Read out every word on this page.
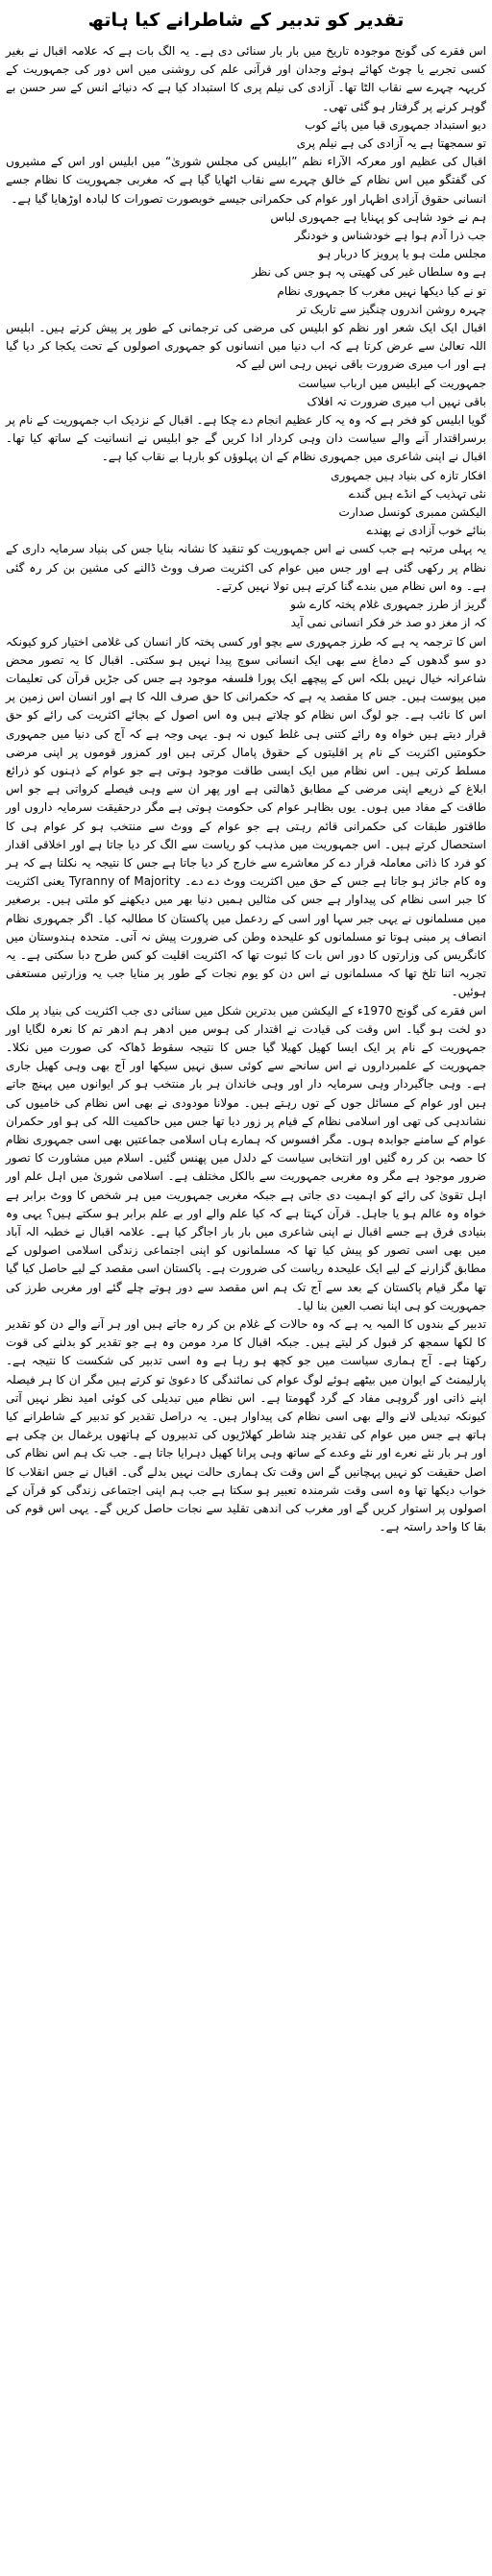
تقدیر کو تدبیر کے شاطرانے کیا ہاتھ

اس فقرے کی گونج موجودہ تاریخ میں بار بار سنائی دی ہے۔ یہ الگ بات ہے کہ علامہ اقبال نے بغیر کسی تجربے یا چوٹ کھائے ہوئے وجدان اور قرآنی علم کی روشنی میں اس دور کی جمہوریت کے کریہہ چہرے سے نقاب الٹا تھا۔ آزادی کی نیلم پری کا استبداد کیا ہے کہ دنیائے انس کے سر حسن بے گوہر کرنے پر گرفتار ہو گئی تھی۔

دیو استبداد جمہوری قبا میں پائے کوب

تو سمجھتا ہے یہ آزادی کی ہے نیلم پری

اقبال کی عظیم اور معرکہ الآراء نظم ”ابلیس کی مجلس شوریٰ“ میں ابلیس اور اس کے مشیروں کی گفتگو میں اس نظام کے خالق چہرے سے نقاب اٹھایا گیا ہے کہ مغربی جمہوریت کا نظام جسے انسانی حقوق آزادی اظہار اور عوام کی حکمرانی جیسے خوبصورت تصورات کا لبادہ اوڑھایا گیا ہے۔

ہم نے خود شاہی کو پہنایا ہے جمہوری لباس

جب ذرا آدم ہوا ہے خودشناس و خودنگر

مجلس ملت ہو یا پرویز کا دربار ہو

ہے وہ سلطاں غیر کی کھیتی پہ ہو جس کی نظر

تو نے کیا دیکھا نہیں مغرب کا جمہوری نظام

چہرہ روشن اندروں چنگیز سے تاریک تر

اقبال ایک ایک شعر اور نظم کو ابلیس کی مرضی کی ترجمانی کے طور پر پیش کرتے ہیں۔ ابلیس اللہ تعالیٰ سے عرض کرتا ہے کہ اب دنیا میں انسانوں کو جمہوری اصولوں کے تحت یکجا کر دیا گیا ہے اور اب میری ضرورت باقی نہیں رہی اس لیے کہ

جمہوریت کے ابلیس میں ارباب سیاست

باقی نہیں اب میری ضرورت تہ افلاک

گویا ابلیس کو فخر ہے کہ وہ یہ کار عظیم انجام دے چکا ہے۔ اقبال کے نزدیک اب جمہوریت کے نام پر برسراقتدار آنے والے سیاست دان وہی کردار ادا کریں گے جو ابلیس نے انسانیت کے ساتھ کیا تھا۔ اقبال نے اپنی شاعری میں جمہوری نظام کے ان پہلوؤں کو بارہا بے نقاب کیا ہے۔

افکار تازہ کی بنیاد ہیں جمہوری

نئی تہذیب کے انڈے ہیں گندے

الیکشن ممبری کونسل صدارت

بنائے خوب آزادی نے پھندے

یہ پہلی مرتبہ ہے جب کسی نے اس جمہوریت کو تنقید کا نشانہ بنایا جس کی بنیاد سرمایہ داری کے نظام پر رکھی گئی ہے اور جس میں عوام کی اکثریت صرف ووٹ ڈالنے کی مشین بن کر رہ گئی ہے۔ وہ اس نظام میں بندے گنا کرتے ہیں تولا نہیں کرتے۔

گریز از طرز جمہوری غلام پختہ کارے شو

کہ از مغز دو صد خر فکر انسانی نمی آید

اس کا ترجمہ یہ ہے کہ طرز جمہوری سے بچو اور کسی پختہ کار انسان کی غلامی اختیار کرو کیونکہ دو سو گدھوں کے دماغ سے بھی ایک انسانی سوچ پیدا نہیں ہو سکتی۔ اقبال کا یہ تصور محض شاعرانہ خیال نہیں بلکہ اس کے پیچھے ایک پورا فلسفہ موجود ہے جس کی جڑیں قرآن کی تعلیمات میں پیوست ہیں۔ جس کا مقصد یہ ہے کہ حکمرانی کا حق صرف اللہ کا ہے اور انسان اس زمین پر اس کا نائب ہے۔ جو لوگ اس نظام کو چلاتے ہیں وہ اس اصول کے بجائے اکثریت کی رائے کو حق قرار دیتے ہیں خواہ وہ رائے کتنی ہی غلط کیوں نہ ہو۔ یہی وجہ ہے کہ آج کی دنیا میں جمہوری حکومتیں اکثریت کے نام پر اقلیتوں کے حقوق پامال کرتی ہیں اور کمزور قوموں پر اپنی مرضی مسلط کرتی ہیں۔ اس نظام میں ایک ایسی طاقت موجود ہوتی ہے جو عوام کے ذہنوں کو ذرائع ابلاغ کے ذریعے اپنی مرضی کے مطابق ڈھالتی ہے اور پھر ان سے وہی فیصلے کرواتی ہے جو اس طاقت کے مفاد میں ہوں۔ یوں بظاہر عوام کی حکومت ہوتی ہے مگر درحقیقت سرمایہ داروں اور طاقتور طبقات کی حکمرانی قائم رہتی ہے جو عوام کے ووٹ سے منتخب ہو کر عوام ہی کا استحصال کرتے ہیں۔ اس جمہوریت میں مذہب کو ریاست سے الگ کر دیا جاتا ہے اور اخلاقی اقدار کو فرد کا ذاتی معاملہ قرار دے کر معاشرے سے خارج کر دیا جاتا ہے جس کا نتیجہ یہ نکلتا ہے کہ ہر وہ کام جائز ہو جاتا ہے جس کے حق میں اکثریت ووٹ دے دے۔ Tyranny of Majority یعنی اکثریت کا جبر اسی نظام کی پیداوار ہے جس کی مثالیں ہمیں دنیا بھر میں دیکھنے کو ملتی ہیں۔ برصغیر میں مسلمانوں نے یہی جبر سہا اور اسی کے ردعمل میں پاکستان کا مطالبہ کیا۔ اگر جمہوری نظام انصاف پر مبنی ہوتا تو مسلمانوں کو علیحدہ وطن کی ضرورت پیش نہ آتی۔ متحدہ ہندوستان میں کانگریس کی وزارتوں کا دور اس بات کا ثبوت تھا کہ اکثریت اقلیت کو کس طرح دبا سکتی ہے۔ یہ تجربہ اتنا تلخ تھا کہ مسلمانوں نے اس دن کو یوم نجات کے طور پر منایا جب یہ وزارتیں مستعفی ہوئیں۔

اس فقرے کی گونج 1970ء کے الیکشن میں بدترین شکل میں سنائی دی جب اکثریت کی بنیاد پر ملک دو لخت ہو گیا۔ اس وقت کی قیادت نے اقتدار کی ہوس میں ادھر ہم ادھر تم کا نعرہ لگایا اور جمہوریت کے نام پر ایک ایسا کھیل کھیلا گیا جس کا نتیجہ سقوط ڈھاکہ کی صورت میں نکلا۔ جمہوریت کے علمبرداروں نے اس سانحے سے کوئی سبق نہیں سیکھا اور آج بھی وہی کھیل جاری ہے۔ وہی جاگیردار وہی سرمایہ دار اور وہی خاندان ہر بار منتخب ہو کر ایوانوں میں پہنچ جاتے ہیں اور عوام کے مسائل جوں کے توں رہتے ہیں۔ مولانا مودودی نے بھی اس نظام کی خامیوں کی نشاندہی کی تھی اور اسلامی نظام کے قیام پر زور دیا تھا جس میں حاکمیت اللہ کی ہو اور حکمران عوام کے سامنے جوابدہ ہوں۔ مگر افسوس کہ ہمارے ہاں اسلامی جماعتیں بھی اسی جمہوری نظام کا حصہ بن کر رہ گئیں اور انتخابی سیاست کے دلدل میں پھنس گئیں۔ اسلام میں مشاورت کا تصور ضرور موجود ہے مگر وہ مغربی جمہوریت سے بالکل مختلف ہے۔ اسلامی شوریٰ میں اہل علم اور اہل تقویٰ کی رائے کو اہمیت دی جاتی ہے جبکہ مغربی جمہوریت میں ہر شخص کا ووٹ برابر ہے خواہ وہ عالم ہو یا جاہل۔ قرآن کہتا ہے کہ کیا علم والے اور بے علم برابر ہو سکتے ہیں؟ یہی وہ بنیادی فرق ہے جسے اقبال نے اپنی شاعری میں بار بار اجاگر کیا ہے۔ علامہ اقبال نے خطبہ الہ آباد میں بھی اسی تصور کو پیش کیا تھا کہ مسلمانوں کو اپنی اجتماعی زندگی اسلامی اصولوں کے مطابق گزارنے کے لیے ایک علیحدہ ریاست کی ضرورت ہے۔ پاکستان اسی مقصد کے لیے حاصل کیا گیا تھا مگر قیام پاکستان کے بعد سے آج تک ہم اس مقصد سے دور ہوتے چلے گئے اور مغربی طرز کی جمہوریت کو ہی اپنا نصب العین بنا لیا۔

تدبیر کے بندوں کا المیہ یہ ہے کہ وہ حالات کے غلام بن کر رہ جاتے ہیں اور ہر آنے والے دن کو تقدیر کا لکھا سمجھ کر قبول کر لیتے ہیں۔ جبکہ اقبال کا مرد مومن وہ ہے جو تقدیر کو بدلنے کی قوت رکھتا ہے۔ آج ہماری سیاست میں جو کچھ ہو رہا ہے وہ اسی تدبیر کی شکست کا نتیجہ ہے۔ پارلیمنٹ کے ایوان میں بیٹھے ہوئے لوگ عوام کی نمائندگی کا دعویٰ تو کرتے ہیں مگر ان کا ہر فیصلہ اپنے ذاتی اور گروہی مفاد کے گرد گھومتا ہے۔ اس نظام میں تبدیلی کی کوئی امید نظر نہیں آتی کیونکہ تبدیلی لانے والے بھی اسی نظام کی پیداوار ہیں۔ یہ دراصل تقدیر کو تدبیر کے شاطرانے کیا ہاتھ ہے جس میں عوام کی تقدیر چند شاطر کھلاڑیوں کی تدبیروں کے ہاتھوں یرغمال بن چکی ہے اور ہر بار نئے نعرے اور نئے وعدے کے ساتھ وہی پرانا کھیل دہرایا جاتا ہے۔ جب تک ہم اس نظام کی اصل حقیقت کو نہیں پہچانیں گے اس وقت تک ہماری حالت نہیں بدلے گی۔ اقبال نے جس انقلاب کا خواب دیکھا تھا وہ اسی وقت شرمندہ تعبیر ہو سکتا ہے جب ہم اپنی اجتماعی زندگی کو قرآن کے اصولوں پر استوار کریں گے اور مغرب کی اندھی تقلید سے نجات حاصل کریں گے۔ یہی اس قوم کی بقا کا واحد راستہ ہے۔
